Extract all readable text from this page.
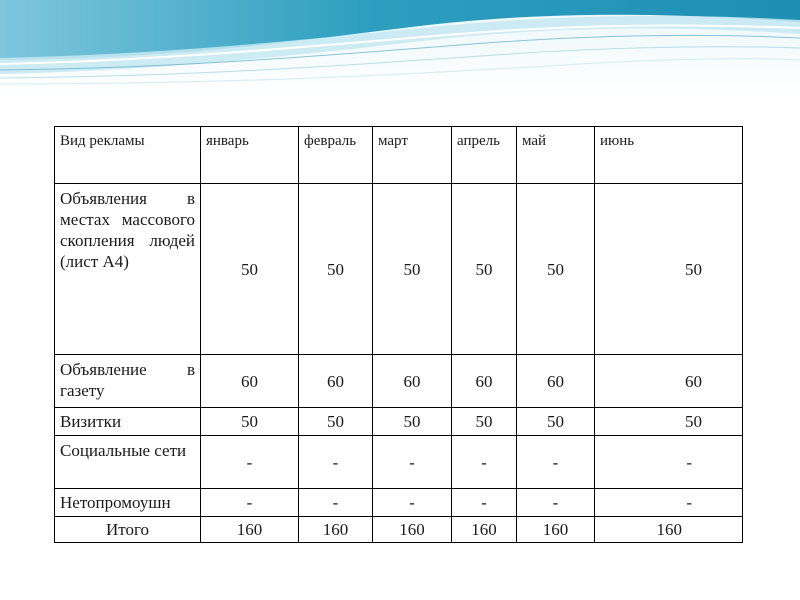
Вид рекламы	январь	февраль	март	апрель	май	июнь
Объявления в местах массового скопления людей (лист А4)	50	50	50	50	50	50
Объявление в газету	60	60	60	60	60	60
Визитки	50	50	50	50	50	50
Социальные сети	-	-	-	-	-	-
Нетопромоушн	-	-	-	-	-	-
Итого	160	160	160	160	160	160
